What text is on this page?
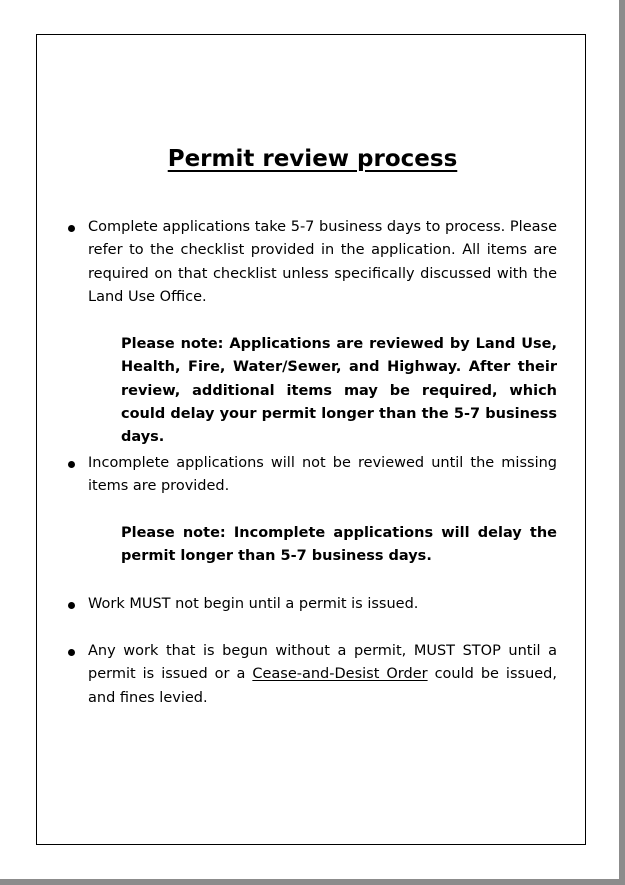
Permit review process
Complete applications take 5-7 business days to process. Please refer to the checklist provided in the application. All items are required on that checklist unless specifically discussed with the Land Use Office.
Please note: Applications are reviewed by Land Use, Health, Fire, Water/Sewer, and Highway. After their review, additional items may be required, which could delay your permit longer than the 5-7 business days.
Incomplete applications will not be reviewed until the missing items are provided.
Please note: Incomplete applications will delay the permit longer than 5-7 business days.
Work MUST not begin until a permit is issued.
Any work that is begun without a permit, MUST STOP until a permit is issued or a Cease-and-Desist Order could be issued, and fines levied.
